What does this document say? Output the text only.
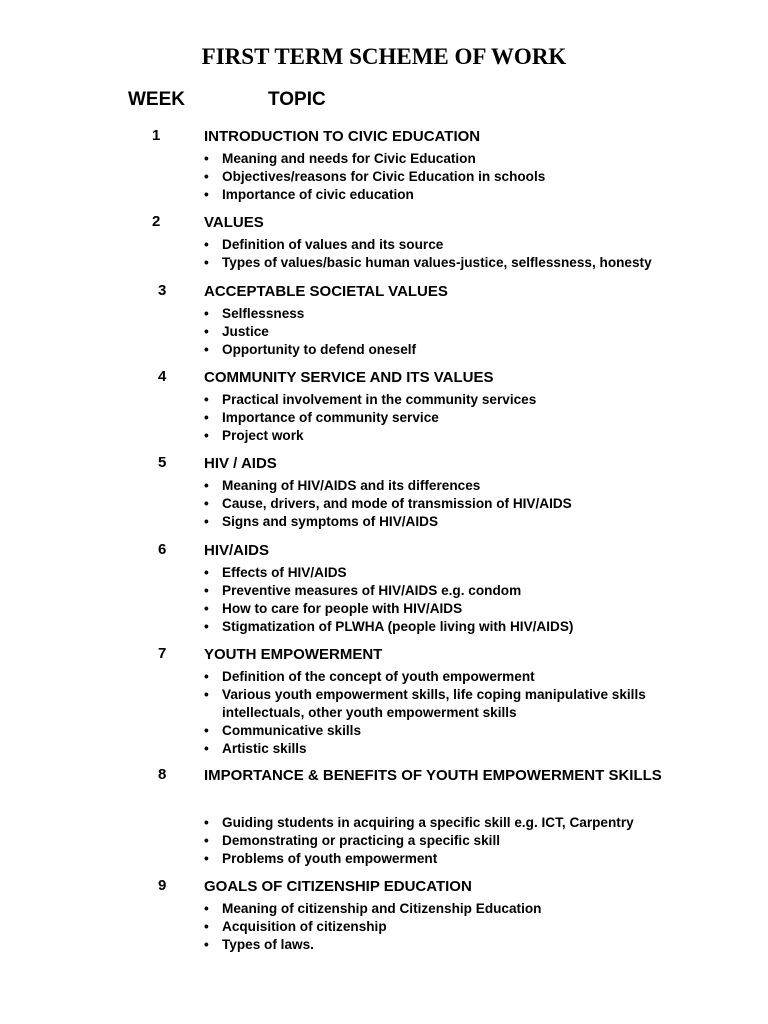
FIRST TERM SCHEME OF WORK
WEEK	TOPIC
1	INTRODUCTION TO CIVIC EDUCATION
• Meaning and needs for Civic Education
• Objectives/reasons for Civic Education in schools
• Importance of civic education
2	VALUES
• Definition of values and its source
• Types of values/basic human values-justice, selflessness, honesty
3	ACCEPTABLE SOCIETAL VALUES
• Selflessness
• Justice
• Opportunity to defend oneself
4	COMMUNITY SERVICE AND ITS VALUES
• Practical involvement in the community services
• Importance of community service
• Project work
5	HIV / AIDS
• Meaning of HIV/AIDS and its differences
• Cause, drivers, and mode of transmission of HIV/AIDS
• Signs and symptoms of HIV/AIDS
6	HIV/AIDS
• Effects of HIV/AIDS
• Preventive measures of HIV/AIDS e.g. condom
• How to care for people with HIV/AIDS
• Stigmatization of PLWHA (people living with HIV/AIDS)
7	YOUTH EMPOWERMENT
• Definition of the concept of youth empowerment
• Various youth empowerment skills, life coping manipulative skills intellectuals, other youth empowerment skills
• Communicative skills
• Artistic skills
8	IMPORTANCE & BENEFITS OF YOUTH EMPOWERMENT SKILLS
• Guiding students in acquiring a specific skill e.g. ICT, Carpentry
• Demonstrating or practicing a specific skill
• Problems of youth empowerment
9	GOALS OF CITIZENSHIP EDUCATION
• Meaning of citizenship and Citizenship Education
• Acquisition of citizenship
• Types of laws.
